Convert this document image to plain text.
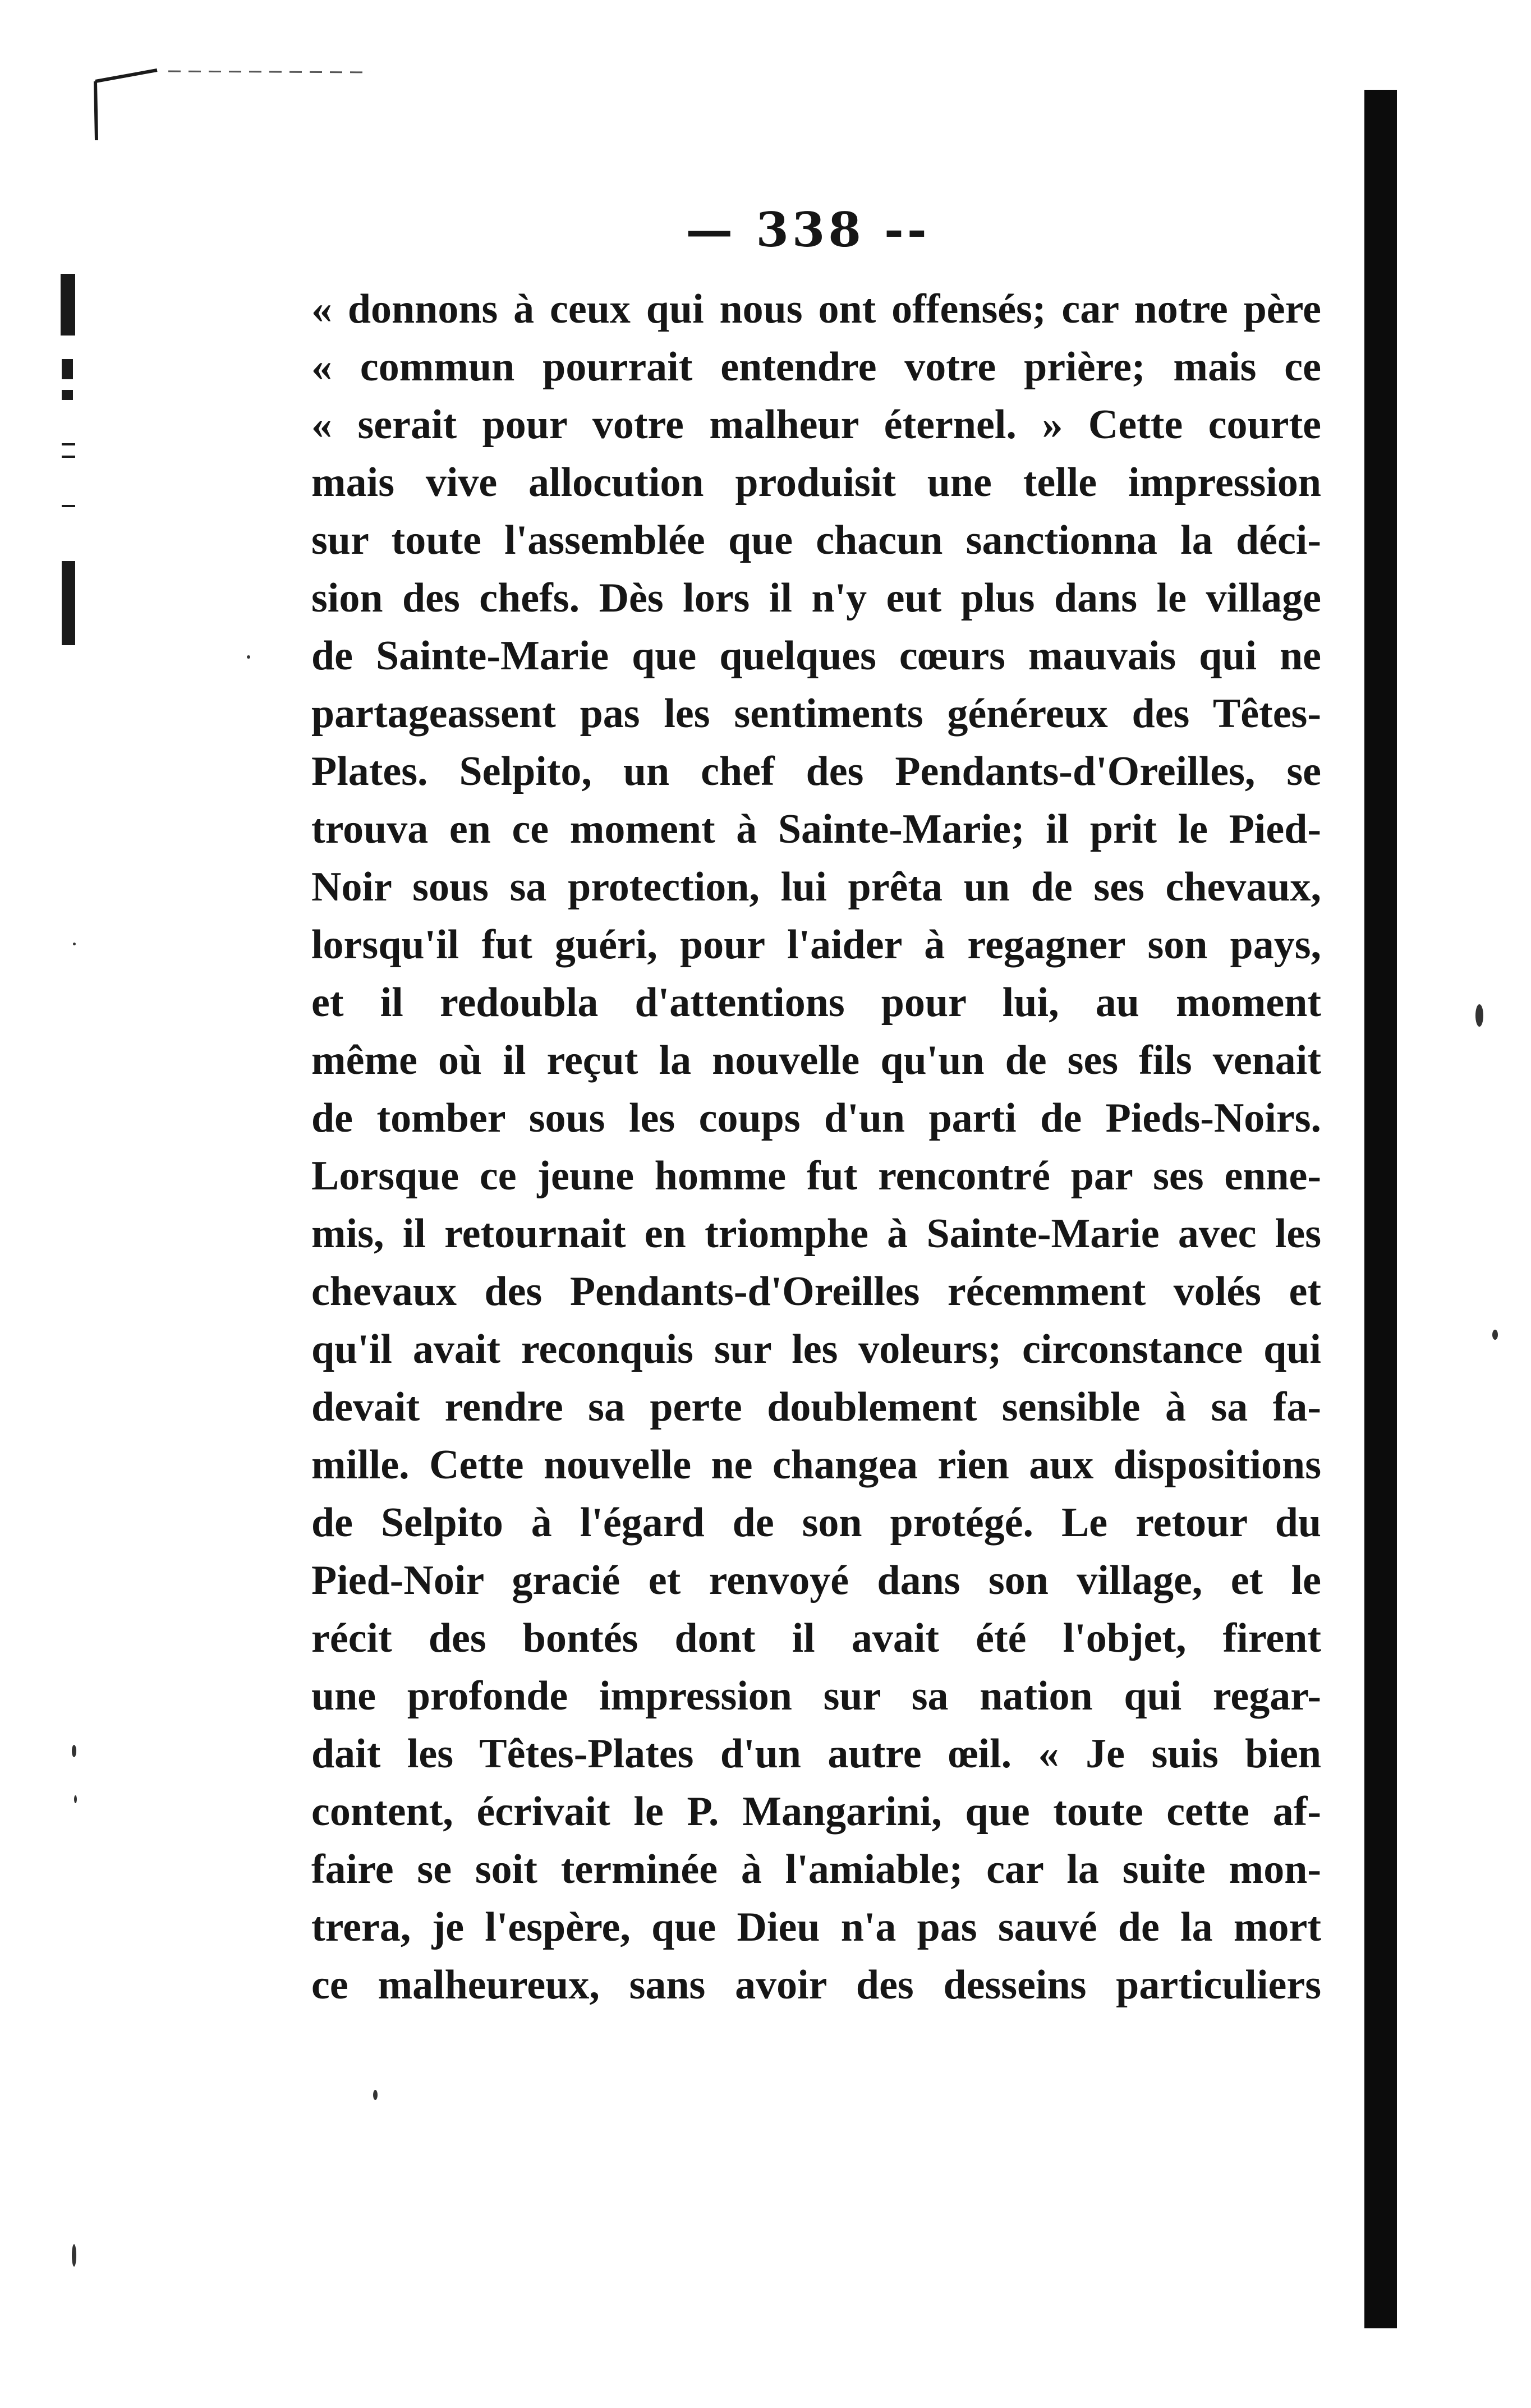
— 338 --
« donnons à ceux qui nous ont offensés; car notre père
« commun pourrait entendre votre prière; mais ce
« serait pour votre malheur éternel. » Cette courte
mais vive allocution produisit une telle impression
sur toute l'assemblée que chacun sanctionna la déci-
sion des chefs. Dès lors il n'y eut plus dans le village
de Sainte-Marie que quelques cœurs mauvais qui ne
partageassent pas les sentiments généreux des Têtes-
Plates. Selpito, un chef des Pendants-d'Oreilles, se
trouva en ce moment à Sainte-Marie; il prit le Pied-
Noir sous sa protection, lui prêta un de ses chevaux,
lorsqu'il fut guéri, pour l'aider à regagner son pays,
et il redoubla d'attentions pour lui, au moment
même où il reçut la nouvelle qu'un de ses fils venait
de tomber sous les coups d'un parti de Pieds-Noirs.
Lorsque ce jeune homme fut rencontré par ses enne-
mis, il retournait en triomphe à Sainte-Marie avec les
chevaux des Pendants-d'Oreilles récemment volés et
qu'il avait reconquis sur les voleurs; circonstance qui
devait rendre sa perte doublement sensible à sa fa-
mille. Cette nouvelle ne changea rien aux dispositions
de Selpito à l'égard de son protégé. Le retour du
Pied-Noir gracié et renvoyé dans son village, et le
récit des bontés dont il avait été l'objet, firent
une profonde impression sur sa nation qui regar-
dait les Têtes-Plates d'un autre œil. « Je suis bien
content, écrivait le P. Mangarini, que toute cette af-
faire se soit terminée à l'amiable; car la suite mon-
trera, je l'espère, que Dieu n'a pas sauvé de la mort
ce malheureux, sans avoir des desseins particuliers
